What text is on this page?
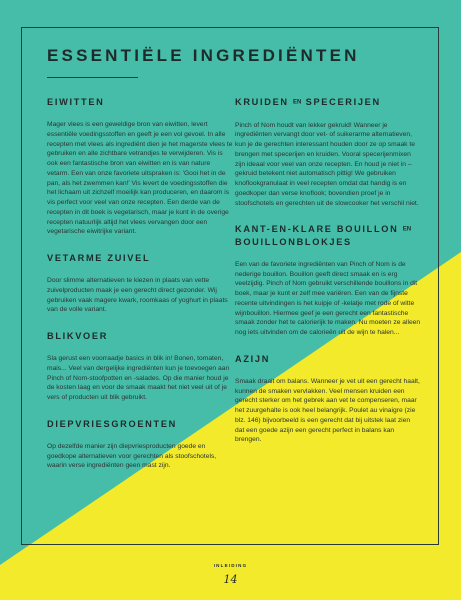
ESSENTIËLE INGREDIËNTEN
EIWITTEN

Mager vlees is een geweldige bron van eiwitten, levert essentiële voedingsstoffen en geeft je een vol gevoel. In alle recepten met vlees als ingrediënt dien je het magerste vlees te gebruiken en alle zichtbare vetrandjes te verwijderen. Vis is ook een fantastische bron van eiwitten en is van nature vetarm. Een van onze favoriete uitspraken is: 'Gooi het in de pan, als het zwemmen kan!' Vis levert de voedingsstoffen die het lichaam uit zichzelf moeilijk kan produceren, en daarom is vis perfect voor veel van onze recepten. Een derde van de recepten in dit boek is vegetarisch, maar je kunt in de overige recepten natuurlijk altijd het vlees vervangen door een vegetarische eiwitrijke variant.

VETARME ZUIVEL

Door slimme alternatieven te kiezen in plaats van vette zuivelproducten maak je een gerecht direct gezonder. Wij gebruiken vaak magere kwark, roomkaas of yoghurt in plaats van de volle variant.

BLIKVOER

Sla gerust een voorraadje basics in blik in! Bonen, tomaten, mais... Veel van dergelijke ingrediënten kun je toevoegen aan Pinch of Nom-stoofpotten en -salades. Op die manier houd je de kosten laag en voor de smaak maakt het niet veel uit of je vers of producten uit blik gebruikt.

DIEPVRIESGROENTEN

Op dezelfde manier zijn diepvriesproducten goede en goedkope alternatieven voor gerechten als stoofschotels, waarin verse ingrediënten geen mast zijn.

KRUIDEN EN SPECERIJEN

Pinch of Nom houdt van lekker gekruid! Wanneer je ingrediënten vervangt door vet- of suikerarme alternatieven, kun je de gerechten interessant houden door ze op smaak te brengen met specerijen en kruiden. Vooral specerijenmixen zijn ideaal voor veel van onze recepten. En houd je niet in – gekruid betekent niet automatisch pittig! We gebruiken knoflookgranulaat in veel recepten omdat dat handig is en goedkoper dan verse knoflook; bovendien proef je in stoofschotels en gerechten uit de slowcooker het verschil niet.

KANT-EN-KLARE BOUILLON EN BOUILLONBLOKJES

Een van de favoriete ingrediënten van Pinch of Nom is de nederige bouillon. Bouillon geeft direct smaak en is erg veelzijdig. Pinch of Nom gebruikt verschillende bouillons in dit boek, maar je kunt er zelf mee variëren. Een van de fijnste recente uitvindingen is het kuipje of -kelatje met rode of witte wijnbouillon. Hiermee geef je een gerecht een fantastische smaak zonder het te calorierijk te maken. Nu moeten ze alleen nog iets uitvinden om de calorieën uit de wijn te halen...

AZIJN

Smaak draait om balans. Wanneer je vet uit een gerecht haalt, kunnen de smaken vervlakken. Veel mensen kruiden een gerecht sterker om het gebrek aan vet te compenseren, maar het zuurgehalte is ook heel belangrijk. Poulet au vinaigre (zie blz. 146) bijvoorbeeld is een gerecht dat bij uitstek laat zien dat een goede azijn een gerecht perfect in balans kan brengen.

INLEIDING
14
